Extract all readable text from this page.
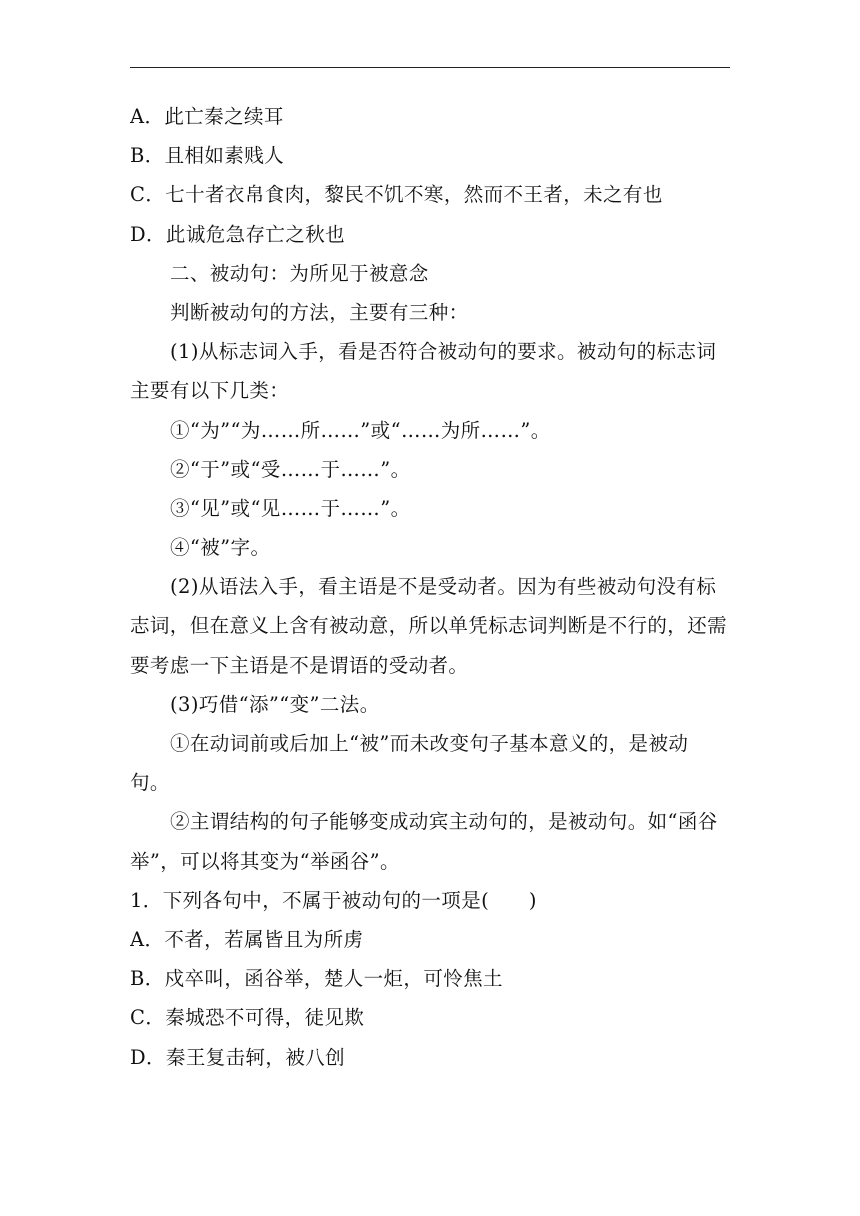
A．此亡秦之续耳
B．且相如素贱人
C．七十者衣帛食肉，黎民不饥不寒，然而不王者，未之有也
D．此诚危急存亡之秋也
二、被动句：为所见于被意念
判断被动句的方法，主要有三种：
(1)从标志词入手，看是否符合被动句的要求。被动句的标志词
主要有以下几类：
①“为”“为……所……”或“……为所……”。
②“于”或“受……于……”。
③“见”或“见……于……”。
④“被”字。
(2)从语法入手，看主语是不是受动者。因为有些被动句没有标
志词，但在意义上含有被动意，所以单凭标志词判断是不行的，还需
要考虑一下主语是不是谓语的受动者。
(3)巧借“添”“变”二法。
①在动词前或后加上“被”而未改变句子基本意义的，是被动
句。
②主谓结构的句子能够变成动宾主动句的，是被动句。如“函谷
举”，可以将其变为“举函谷”。
1．下列各句中，不属于被动句的一项是(　　)
A．不者，若属皆且为所虏
B．戍卒叫，函谷举，楚人一炬，可怜焦土
C．秦城恐不可得，徒见欺
D．秦王复击轲，被八创
